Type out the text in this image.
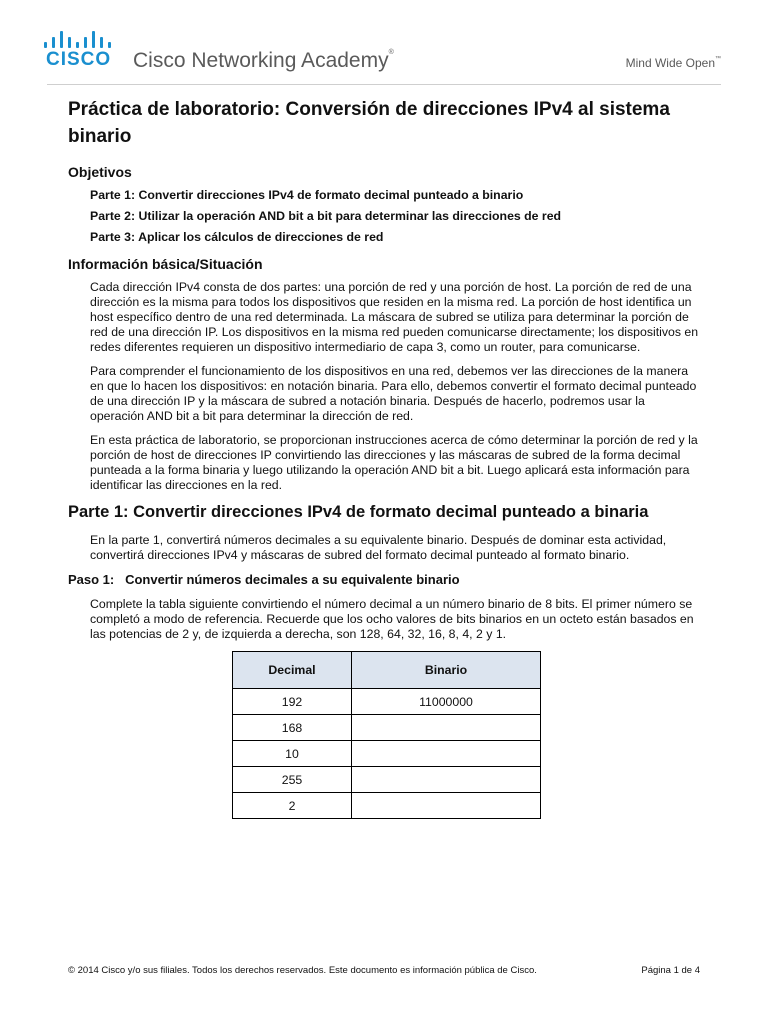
CISCO Cisco Networking Academy®
Mind Wide Open™
Práctica de laboratorio: Conversión de direcciones IPv4 al sistema binario
Objetivos
Parte 1: Convertir direcciones IPv4 de formato decimal punteado a binario
Parte 2: Utilizar la operación AND bit a bit para determinar las direcciones de red
Parte 3: Aplicar los cálculos de direcciones de red
Información básica/Situación

Cada dirección IPv4 consta de dos partes: una porción de red y una porción de host. La porción de red de una dirección es la misma para todos los dispositivos que residen en la misma red. La porción de host identifica un host específico dentro de una red determinada. La máscara de subred se utiliza para determinar la porción de red de una dirección IP. Los dispositivos en la misma red pueden comunicarse directamente; los dispositivos en redes diferentes requieren un dispositivo intermediario de capa 3, como un router, para comunicarse.

Para comprender el funcionamiento de los dispositivos en una red, debemos ver las direcciones de la manera en que lo hacen los dispositivos: en notación binaria. Para ello, debemos convertir el formato decimal punteado de una dirección IP y la máscara de subred a notación binaria. Después de hacerlo, podremos usar la operación AND bit a bit para determinar la dirección de red.

En esta práctica de laboratorio, se proporcionan instrucciones acerca de cómo determinar la porción de red y la porción de host de direcciones IP convirtiendo las direcciones y las máscaras de subred de la forma decimal punteada a la forma binaria y luego utilizando la operación AND bit a bit. Luego aplicará esta información para identificar las direcciones en la red.

Parte 1: Convertir direcciones IPv4 de formato decimal punteado a binaria

En la parte 1, convertirá números decimales a su equivalente binario. Después de dominar esta actividad, convertirá direcciones IPv4 y máscaras de subred del formato decimal punteado al formato binario.

Paso 1:   Convertir números decimales a su equivalente binario

Complete la tabla siguiente convirtiendo el número decimal a un número binario de 8 bits. El primer número se completó a modo de referencia. Recuerde que los ocho valores de bits binarios en un octeto están basados en las potencias de 2 y, de izquierda a derecha, son 128, 64, 32, 16, 8, 4, 2 y 1.

Decimal	Binario
192	11000000
168	
10	
255	
2	
© 2014 Cisco y/o sus filiales. Todos los derechos reservados. Este documento es información pública de Cisco.	Página 1 de 4
